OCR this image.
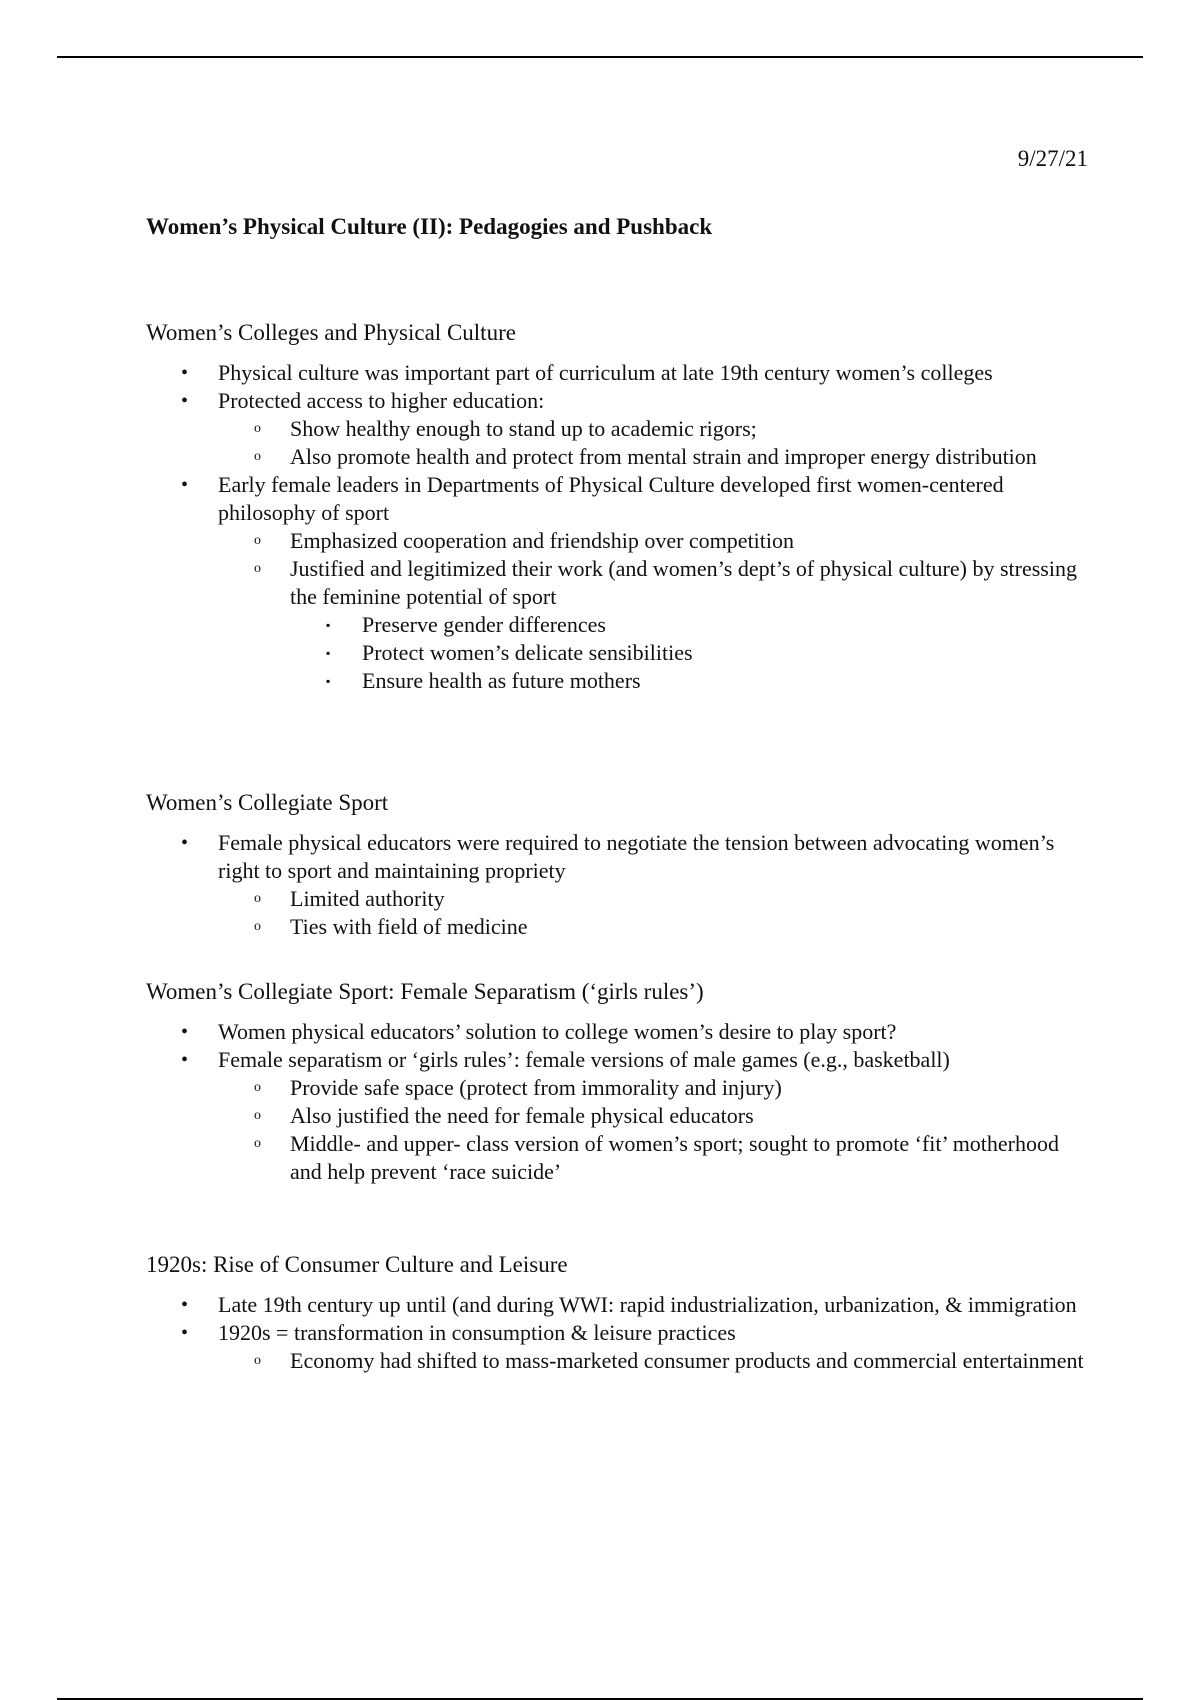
9/27/21
Women’s Physical Culture (II): Pedagogies and Pushback
Women’s Colleges and Physical Culture
• Physical culture was important part of curriculum at late 19th century women’s colleges
• Protected access to higher education:
o Show healthy enough to stand up to academic rigors;
o Also promote health and protect from mental strain and improper energy distribution
• Early female leaders in Departments of Physical Culture developed first women-centered philosophy of sport
o Emphasized cooperation and friendship over competition
o Justified and legitimized their work (and women’s dept’s of physical culture) by stressing the feminine potential of sport
▪ Preserve gender differences
▪ Protect women’s delicate sensibilities
▪ Ensure health as future mothers
Women’s Collegiate Sport
• Female physical educators were required to negotiate the tension between advocating women’s right to sport and maintaining propriety
o Limited authority
o Ties with field of medicine
Women’s Collegiate Sport: Female Separatism (‘girls rules’)
• Women physical educators’ solution to college women’s desire to play sport?
• Female separatism or ‘girls rules’: female versions of male games (e.g., basketball)
o Provide safe space (protect from immorality and injury)
o Also justified the need for female physical educators
o Middle- and upper- class version of women’s sport; sought to promote ‘fit’ motherhood and help prevent ‘race suicide’
1920s: Rise of Consumer Culture and Leisure
• Late 19th century up until (and during WWI: rapid industrialization, urbanization, & immigration
• 1920s = transformation in consumption & leisure practices
o Economy had shifted to mass-marketed consumer products and commercial entertainment
